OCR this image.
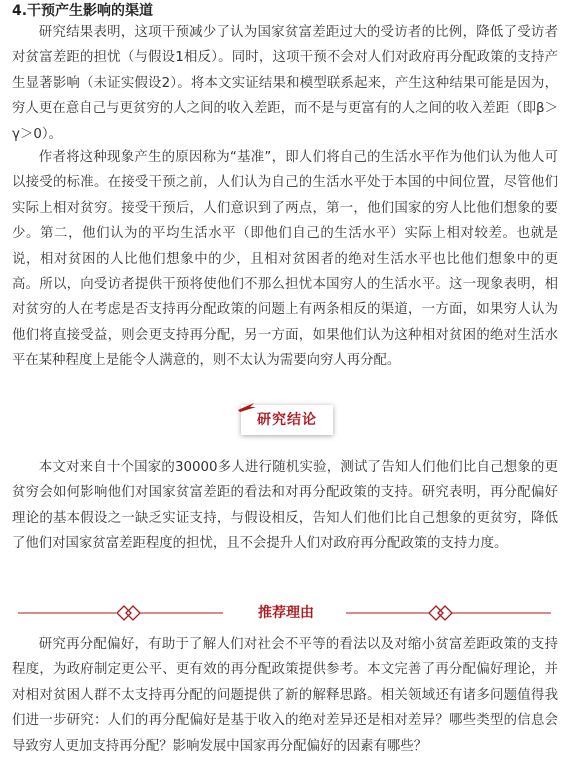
4.干预产生影响的渠道

研究结果表明，这项干预减少了认为国家贫富差距过大的受访者的比例，降低了受访者对贫富差距的担忧（与假设1相反）。同时，这项干预不会对人们对政府再分配政策的支持产生显著影响（未证实假设2）。将本文实证结果和模型联系起来，产生这种结果可能是因为，穷人更在意自己与更贫穷的人之间的收入差距，而不是与更富有的人之间的收入差距（即β＞γ＞0）。

作者将这种现象产生的原因称为“基准”，即人们将自己的生活水平作为他们认为他人可以接受的标准。在接受干预之前，人们认为自己的生活水平处于本国的中间位置，尽管他们实际上相对贫穷。接受干预后，人们意识到了两点，第一，他们国家的穷人比他们想象的要少。第二，他们认为的平均生活水平（即他们自己的生活水平）实际上相对较差。也就是说，相对贫困的人比他们想象中的少，且相对贫困者的绝对生活水平也比他们想象中的更高。所以，向受访者提供干预将使他们不那么担忧本国穷人的生活水平。这一现象表明，相对贫穷的人在考虑是否支持再分配政策的问题上有两条相反的渠道，一方面，如果穷人认为他们将直接受益，则会更支持再分配，另一方面，如果他们认为这种相对贫困的绝对生活水平在某种程度上是能令人满意的，则不太认为需要向穷人再分配。

研究结论

本文对来自十个国家的30000多人进行随机实验，测试了告知人们他们比自己想象的更贫穷会如何影响他们对国家贫富差距的看法和对再分配政策的支持。研究表明，再分配偏好理论的基本假设之一缺乏实证支持，与假设相反，告知人们他们比自己想象的更贫穷，降低了他们对国家贫富差距程度的担忧，且不会提升人们对政府再分配政策的支持力度。

推荐理由

研究再分配偏好，有助于了解人们对社会不平等的看法以及对缩小贫富差距政策的支持程度，为政府制定更公平、更有效的再分配政策提供参考。本文完善了再分配偏好理论，并对相对贫困人群不太支持再分配的问题提供了新的解释思路。相关领域还有诸多问题值得我们进一步研究：人们的再分配偏好是基于收入的绝对差异还是相对差异？哪些类型的信息会导致穷人更加支持再分配？影响发展中国家再分配偏好的因素有哪些？
